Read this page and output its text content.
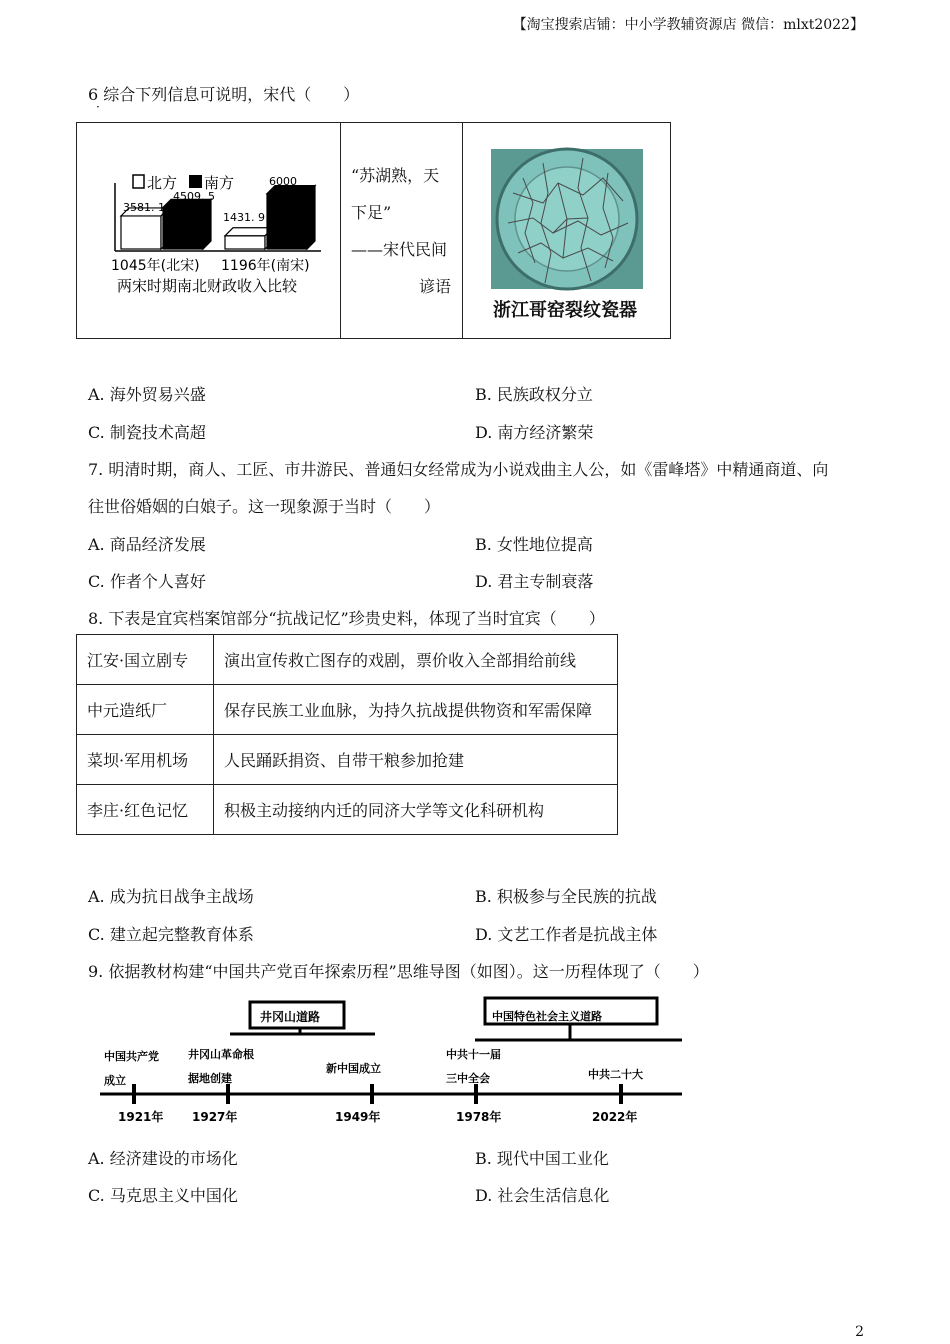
【淘宝搜索店铺：中小学教辅资源店 微信：mlxt2022】
6 综合下列信息可说明，宋代（　　）
·
北方 南方
3581. 1
4509. 5
1431. 9
6000
1045年(北宋) 1196年(南宋)
两宋时期南北财政收入比较

“苏湖熟，天
下足”
——宋代民间
谚语

浙江哥窑裂纹瓷器
A. 海外贸易兴盛	B. 民族政权分立
C. 制瓷技术高超	D. 南方经济繁荣
7. 明清时期，商人、工匠、市井游民、普通妇女经常成为小说戏曲主人公，如《雷峰塔》中精通商道、向
往世俗婚姻的白娘子。这一现象源于当时（　　）
A. 商品经济发展	B. 女性地位提高
C. 作者个人喜好	D. 君主专制衰落
8. 下表是宜宾档案馆部分“抗战记忆”珍贵史料，体现了当时宜宾（　　）
江安·国立剧专	演出宣传救亡图存的戏剧，票价收入全部捐给前线
中元造纸厂	保存民族工业血脉，为持久抗战提供物资和军需保障
菜坝·军用机场	人民踊跃捐资、自带干粮参加抢建
李庄·红色记忆	积极主动接纳内迁的同济大学等文化科研机构
A. 成为抗日战争主战场	B. 积极参与全民族的抗战
C. 建立起完整教育体系	D. 文艺工作者是抗战主体
9. 依据教材构建“中国共产党百年探索历程”思维导图（如图）。这一历程体现了（　　）
井冈山道路	中国特色社会主义道路
中国共产党
成立
1921年
井冈山革命根
据地创建
1927年
新中国成立
1949年
中共十一届
三中全会
1978年
中共二十大
2022年
A. 经济建设的市场化	B. 现代中国工业化
C. 马克思主义中国化	D. 社会生活信息化
2
